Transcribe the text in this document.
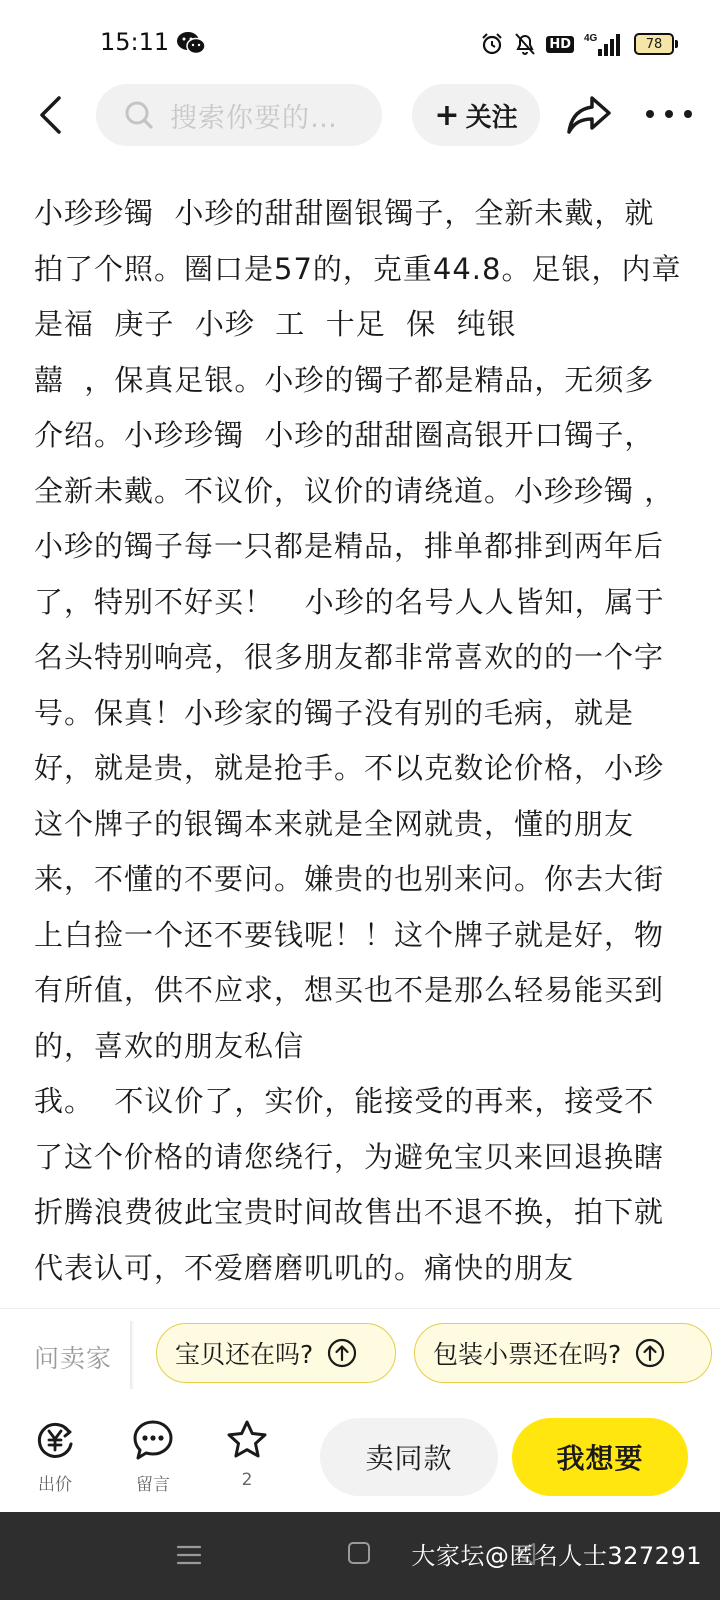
15:11	HD	4G	78
搜索你要的…	+ 关注
小珍珍镯  小珍的甜甜圈银镯子，全新未戴，就拍了个照。圈口是57的，克重44.8。足银，内章是福  庚子  小珍  工  十足  保  纯银
囍  ，保真足银。小珍的镯子都是精品，无须多介绍。小珍珍镯  小珍的甜甜圈高银开口镯子，全新未戴。不议价，议价的请绕道。小珍珍镯 ，小珍的镯子每一只都是精品，排单都排到两年后了，特别不好买！   小珍的名号人人皆知，属于名头特别响亮，很多朋友都非常喜欢的的一个字号。保真！小珍家的镯子没有别的毛病，就是好，就是贵，就是抢手。不以克数论价格，小珍这个牌子的银镯本来就是全网就贵，懂的朋友来，不懂的不要问。嫌贵的也别来问。你去大街上白捡一个还不要钱呢！！这个牌子就是好，物有所值，供不应求，想买也不是那么轻易能买到的，喜欢的朋友私信
我。  不议价了，实价，能接受的再来，接受不了这个价格的请您绕行，为避免宝贝来回退换瞎折腾浪费彼此宝贵时间故售出不退不换，拍下就代表认可，不爱磨磨叽叽的。痛快的朋友
问卖家	宝贝还在吗?	包装小票还在吗?
出价	留言	2
卖同款	我想要
大家坛@匿名人士327291
